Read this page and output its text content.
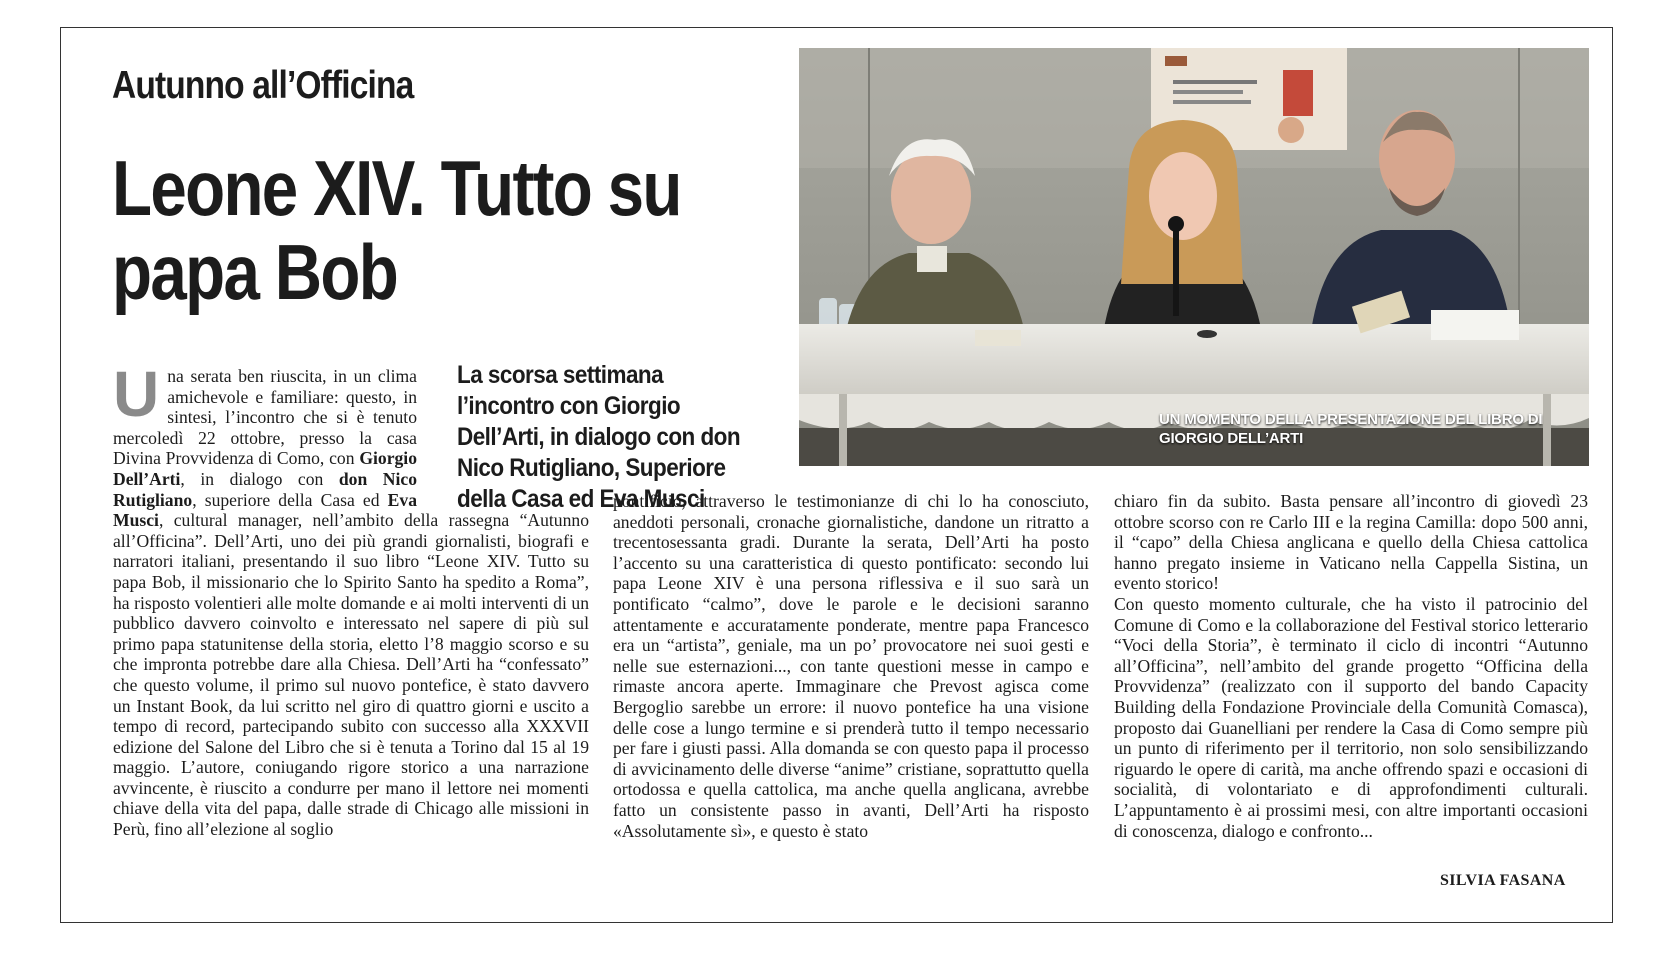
Autunno all’Officina
Leone XIV. Tutto su papa Bob

UN MOMENTO DELLA PRESENTAZIONE DEL LIBRO DI GIORGIO DELL’ARTI

La scorsa settimana l’incontro con Giorgio Dell’Arti, in dialogo con don Nico Rutigliano, Superiore della Casa ed Eva Musci

Una serata ben riuscita, in un clima amichevole e familiare: questo, in sintesi, l’incontro che si è tenuto mercoledì 22 ottobre, presso la casa Divina Provvidenza di Como, con Giorgio Dell’Arti, in dialogo con don Nico Rutigliano, superiore della Casa ed Eva Musci, cultural manager, nell’ambito della rassegna “Autunno all’Officina”. Dell’Arti, uno dei più grandi giornalisti, biografi e narratori italiani, presentando il suo libro “Leone XIV. Tutto su papa Bob, il missionario che lo Spirito Santo ha spedito a Roma”, ha risposto volentieri alle molte domande e ai molti interventi di un pubblico davvero coinvolto e interessato nel sapere di più sul primo papa statunitense della storia, eletto l’8 maggio scorso e su che impronta potrebbe dare alla Chiesa. Dell’Arti ha “confessato” che questo volume, il primo sul nuovo pontefice, è stato davvero un Instant Book, da lui scritto nel giro di quattro giorni e uscito a tempo di record, partecipando subito con successo alla XXXVII edizione del Salone del Libro che si è tenuta a Torino dal 15 al 19 maggio. L’autore, coniugando rigore storico a una narrazione avvincente, è riuscito a condurre per mano il lettore nei momenti chiave della vita del papa, dalle strade di Chicago alle missioni in Perù, fino all’elezione al soglio

pontificio, attraverso le testimonianze di chi lo ha conosciuto, aneddoti personali, cronache giornalistiche, dandone un ritratto a trecentosessanta gradi. Durante la serata, Dell’Arti ha posto l’accento su una caratteristica di questo pontificato: secondo lui papa Leone XIV è una persona riflessiva e il suo sarà un pontificato “calmo”, dove le parole e le decisioni saranno attentamente e accuratamente ponderate, mentre papa Francesco era un “artista”, geniale, ma un po’ provocatore nei suoi gesti e nelle sue esternazioni..., con tante questioni messe in campo e rimaste ancora aperte. Immaginare che Prevost agisca come Bergoglio sarebbe un errore: il nuovo pontefice ha una visione delle cose a lungo termine e si prenderà tutto il tempo necessario per fare i giusti passi. Alla domanda se con questo papa il processo di avvicinamento delle diverse “anime” cristiane, soprattutto quella ortodossa e quella cattolica, ma anche quella anglicana, avrebbe fatto un consistente passo in avanti, Dell’Arti ha risposto «Assolutamente sì», e questo è stato

chiaro fin da subito. Basta pensare all’incontro di giovedì 23 ottobre scorso con re Carlo III e la regina Camilla: dopo 500 anni, il “capo” della Chiesa anglicana e quello della Chiesa cattolica hanno pregato insieme in Vaticano nella Cappella Sistina, un evento storico!

Con questo momento culturale, che ha visto il patrocinio del Comune di Como e la collaborazione del Festival storico letterario “Voci della Storia”, è terminato il ciclo di incontri “Autunno all’Officina”, nell’ambito del grande progetto “Officina della Provvidenza” (realizzato con il supporto del bando Capacity Building della Fondazione Provinciale della Comunità Comasca), proposto dai Guanelliani per rendere la Casa di Como sempre più un punto di riferimento per il territorio, non solo sensibilizzando riguardo le opere di carità, ma anche offrendo spazi e occasioni di socialità, di volontariato e di approfondimenti culturali. L’appuntamento è ai prossimi mesi, con altre importanti occasioni di conoscenza, dialogo e confronto...

SILVIA FASANA
